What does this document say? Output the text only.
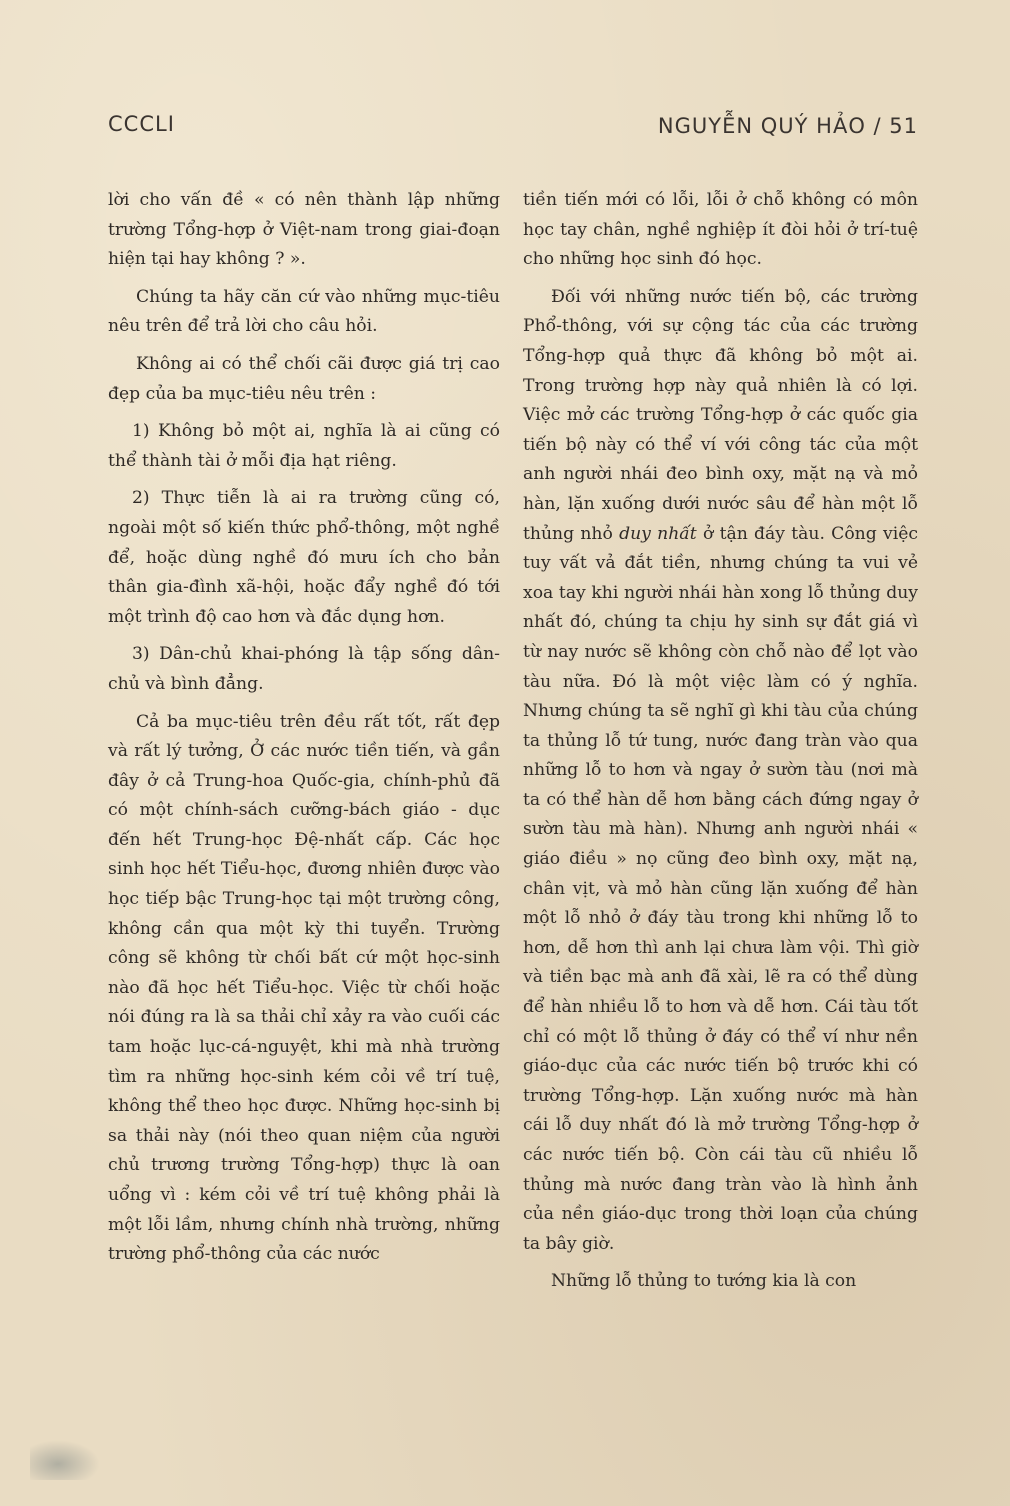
CCCLI	NGUYỄN QUÝ HẢO / 51

lời cho vấn đề « có nên thành lập những trường Tổng-hợp ở Việt-nam trong giai-đoạn hiện tại hay không ? ».

Chúng ta hãy căn cứ vào những mục-tiêu nêu trên để trả lời cho câu hỏi.

Không ai có thể chối cãi được giá trị cao đẹp của ba mục-tiêu nêu trên :

1) Không bỏ một ai, nghĩa là ai cũng có thể thành tài ở mỗi địa hạt riêng.

2) Thực tiễn là ai ra trường cũng có, ngoài một số kiến thức phổ-thông, một nghề để, hoặc dùng nghề đó mưu ích cho bản thân gia-đình xã-hội, hoặc đẩy nghề đó tới một trình độ cao hơn và đắc dụng hơn.

3) Dân-chủ khai-phóng là tập sống dân-chủ và bình đẳng.

Cả ba mục-tiêu trên đều rất tốt, rất đẹp và rất lý tưởng, Ở các nước tiền tiến, và gần đây ở cả Trung-hoa Quốc-gia, chính-phủ đã có một chính-sách cưỡng-bách giáo - dục đến hết Trung-học Đệ-nhất cấp. Các học sinh học hết Tiểu-học, đương nhiên được vào học tiếp bậc Trung-học tại một trường công, không cần qua một kỳ thi tuyển. Trường công sẽ không từ chối bất cứ một học-sinh nào đã học hết Tiểu-học. Việc từ chối hoặc nói đúng ra là sa thải chỉ xảy ra vào cuối các tam hoặc lục-cá-nguyệt, khi mà nhà trường tìm ra những học-sinh kém cỏi về trí tuệ, không thể theo học được. Những học-sinh bị sa thải này (nói theo quan niệm của người chủ trương trường Tổng-hợp) thực là oan uổng vì : kém cỏi về trí tuệ không phải là một lỗi lầm, nhưng chính nhà trường, những trường phổ-thông của các nước

tiền tiến mới có lỗi, lỗi ở chỗ không có môn học tay chân, nghề nghiệp ít đòi hỏi ở trí-tuệ cho những học sinh đó học.

Đối với những nước tiến bộ, các trường Phổ-thông, với sự cộng tác của các trường Tổng-hợp quả thực đã không bỏ một ai. Trong trường hợp này quả nhiên là có lợi. Việc mở các trường Tổng-hợp ở các quốc gia tiến bộ này có thể ví với công tác của một anh người nhái đeo bình oxy, mặt nạ và mỏ hàn, lặn xuống dưới nước sâu để hàn một lỗ thủng nhỏ duy nhất ở tận đáy tàu. Công việc tuy vất vả đắt tiền, nhưng chúng ta vui vẻ xoa tay khi người nhái hàn xong lỗ thủng duy nhất đó, chúng ta chịu hy sinh sự đắt giá vì từ nay nước sẽ không còn chỗ nào để lọt vào tàu nữa. Đó là một việc làm có ý nghĩa. Nhưng chúng ta sẽ nghĩ gì khi tàu của chúng ta thủng lỗ tứ tung, nước đang tràn vào qua những lỗ to hơn và ngay ở sườn tàu (nơi mà ta có thể hàn dễ hơn bằng cách đứng ngay ở sườn tàu mà hàn). Nhưng anh người nhái « giáo điều » nọ cũng đeo bình oxy, mặt nạ, chân vịt, và mỏ hàn cũng lặn xuống để hàn một lỗ nhỏ ở đáy tàu trong khi những lỗ to hơn, dễ hơn thì anh lại chưa làm vội. Thì giờ và tiền bạc mà anh đã xài, lẽ ra có thể dùng để hàn nhiều lỗ to hơn và dễ hơn. Cái tàu tốt chỉ có một lỗ thủng ở đáy có thể ví như nền giáo-dục của các nước tiến bộ trước khi có trường Tổng-hợp. Lặn xuống nước mà hàn cái lỗ duy nhất đó là mở trường Tổng-hợp ở các nước tiến bộ. Còn cái tàu cũ nhiều lỗ thủng mà nước đang tràn vào là hình ảnh của nền giáo-dục trong thời loạn của chúng ta bây giờ.

Những lỗ thủng to tướng kia là con
